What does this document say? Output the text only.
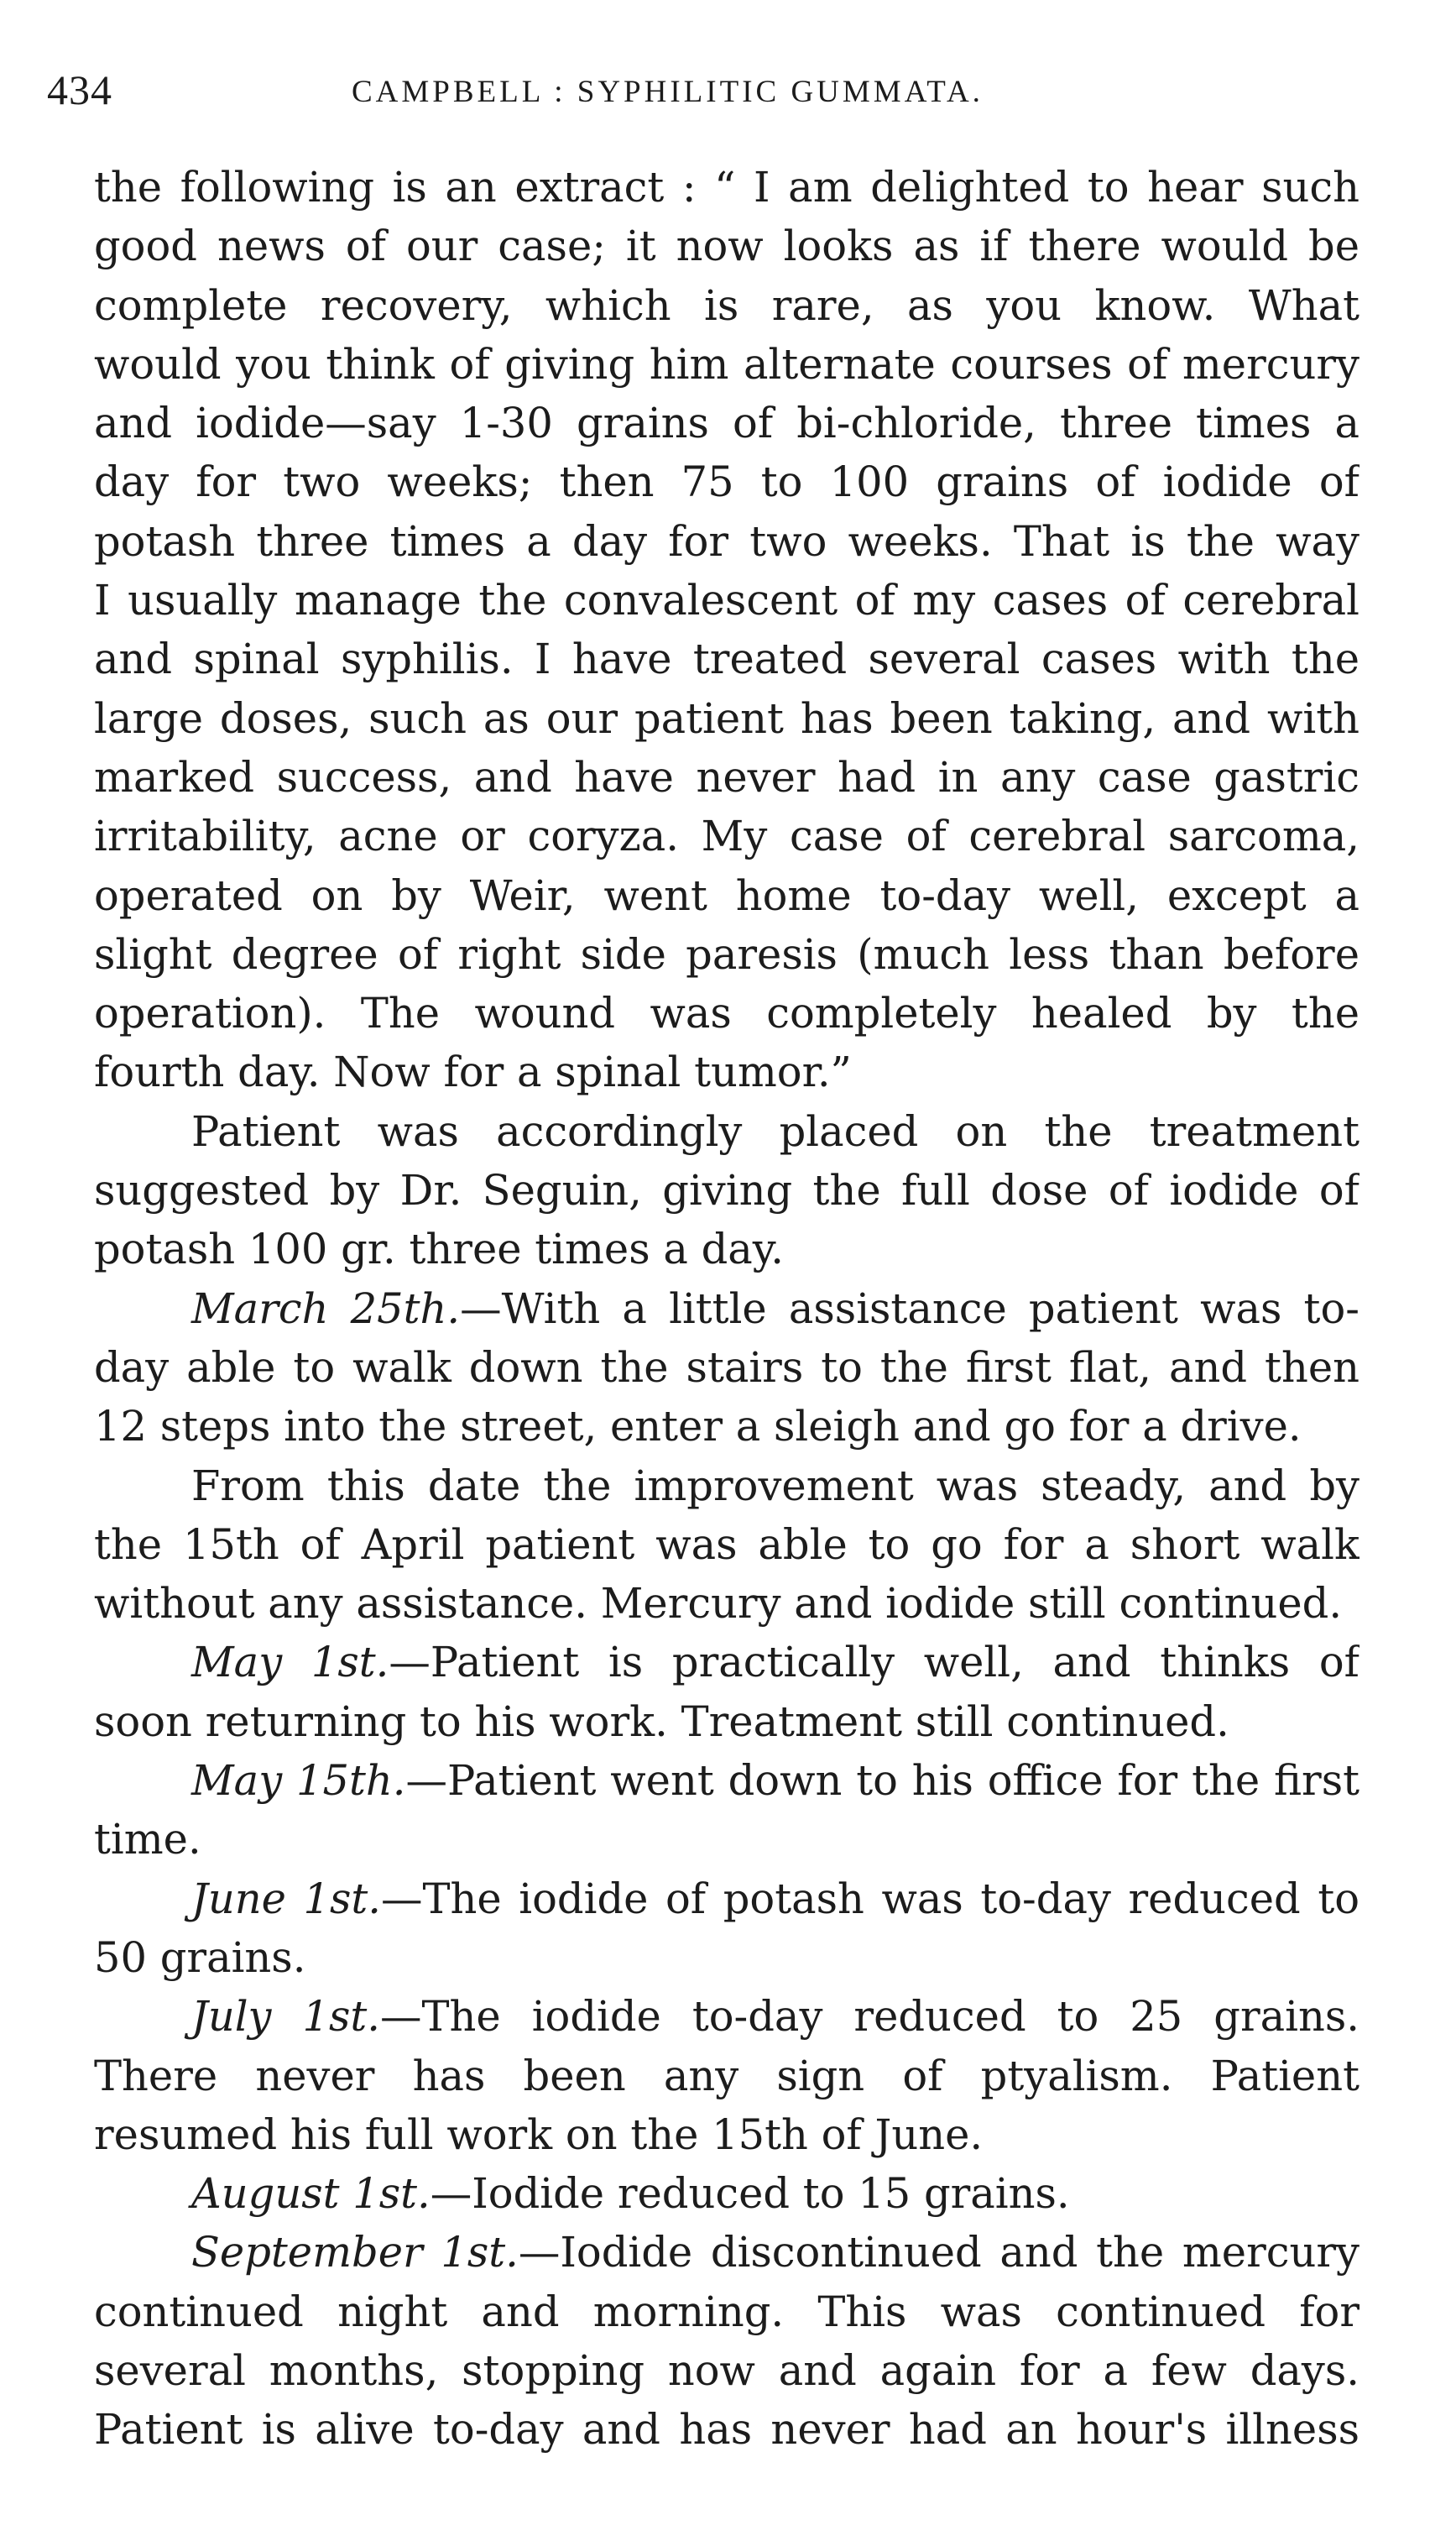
434	CAMPBELL : SYPHILITIC GUMMATA.
the following is an extract : “ I am delighted to hear such
good news of our case; it now looks as if there would be
complete recovery, which is rare, as you know. What
would you think of giving him alternate courses of mercury
and iodide—say 1-30 grains of bi-chloride, three times a
day for two weeks; then 75 to 100 grains of iodide of
potash three times a day for two weeks. That is the way
I usually manage the convalescent of my cases of cerebral
and spinal syphilis. I have treated several cases with the
large doses, such as our patient has been taking, and with
marked success, and have never had in any case gastric
irritability, acne or coryza. My case of cerebral sarcoma,
operated on by Weir, went home to-day well, except a
slight degree of right side paresis (much less than before
operation). The wound was completely healed by the
fourth day. Now for a spinal tumor.”
Patient was accordingly placed on the treatment
suggested by Dr. Seguin, giving the full dose of iodide of
potash 100 gr. three times a day.
March 25th.—With a little assistance patient was to-
day able to walk down the stairs to the first flat, and then
12 steps into the street, enter a sleigh and go for a drive.
From this date the improvement was steady, and by
the 15th of April patient was able to go for a short walk
without any assistance. Mercury and iodide still continued.
May 1st.—Patient is practically well, and thinks of
soon returning to his work. Treatment still continued.
May 15th.—Patient went down to his office for the first
time.
June 1st.—The iodide of potash was to-day reduced to
50 grains.
July 1st.—The iodide to-day reduced to 25 grains.
There never has been any sign of ptyalism. Patient
resumed his full work on the 15th of June.
August 1st.—Iodide reduced to 15 grains.
September 1st.—Iodide discontinued and the mercury
continued night and morning. This was continued for
several months, stopping now and again for a few days.
Patient is alive to-day and has never had an hour's illness
